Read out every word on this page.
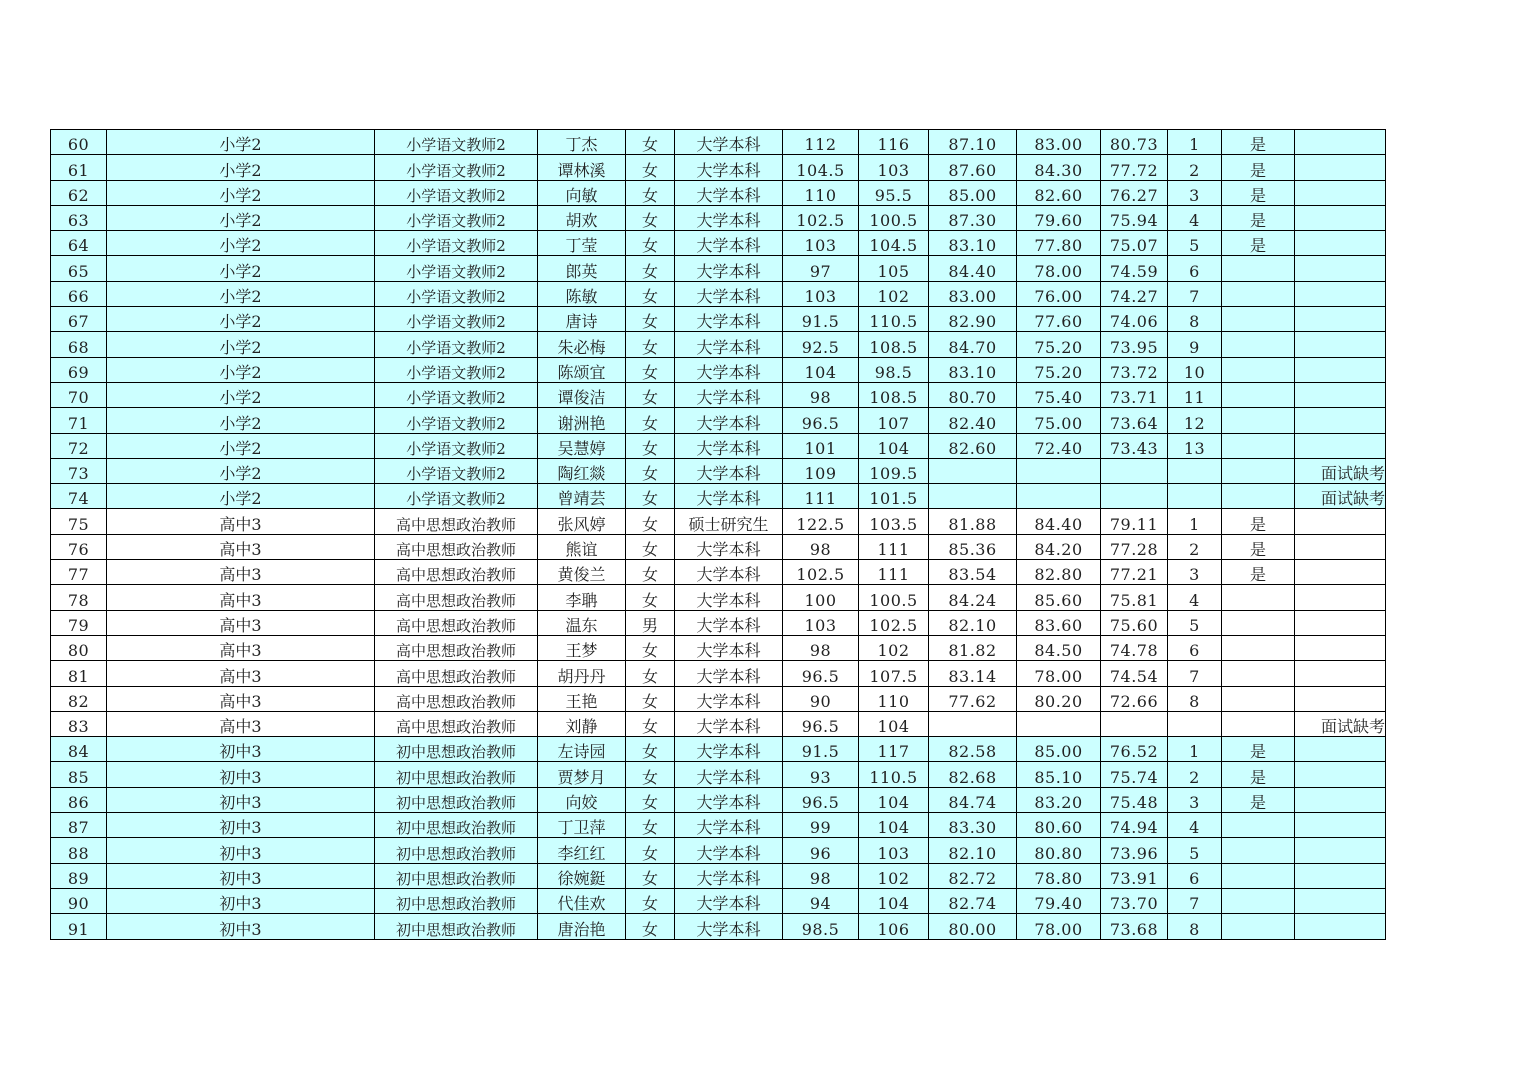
60	小学2	小学语文教师2	丁杰	女	大学本科	112	116	87.10	83.00	80.73	1	是	
61	小学2	小学语文教师2	谭林溪	女	大学本科	104.5	103	87.60	84.30	77.72	2	是	
62	小学2	小学语文教师2	向敏	女	大学本科	110	95.5	85.00	82.60	76.27	3	是	
63	小学2	小学语文教师2	胡欢	女	大学本科	102.5	100.5	87.30	79.60	75.94	4	是	
64	小学2	小学语文教师2	丁莹	女	大学本科	103	104.5	83.10	77.80	75.07	5	是	
65	小学2	小学语文教师2	郎英	女	大学本科	97	105	84.40	78.00	74.59	6		
66	小学2	小学语文教师2	陈敏	女	大学本科	103	102	83.00	76.00	74.27	7		
67	小学2	小学语文教师2	唐诗	女	大学本科	91.5	110.5	82.90	77.60	74.06	8		
68	小学2	小学语文教师2	朱必梅	女	大学本科	92.5	108.5	84.70	75.20	73.95	9		
69	小学2	小学语文教师2	陈颂宜	女	大学本科	104	98.5	83.10	75.20	73.72	10		
70	小学2	小学语文教师2	谭俊洁	女	大学本科	98	108.5	80.70	75.40	73.71	11		
71	小学2	小学语文教师2	谢洲艳	女	大学本科	96.5	107	82.40	75.00	73.64	12		
72	小学2	小学语文教师2	吴慧婷	女	大学本科	101	104	82.60	72.40	73.43	13		
73	小学2	小学语文教师2	陶红燚	女	大学本科	109	109.5						面试缺考
74	小学2	小学语文教师2	曾靖芸	女	大学本科	111	101.5						面试缺考
75	高中3	高中思想政治教师	张风婷	女	硕士研究生	122.5	103.5	81.88	84.40	79.11	1	是	
76	高中3	高中思想政治教师	熊谊	女	大学本科	98	111	85.36	84.20	77.28	2	是	
77	高中3	高中思想政治教师	黄俊兰	女	大学本科	102.5	111	83.54	82.80	77.21	3	是	
78	高中3	高中思想政治教师	李聃	女	大学本科	100	100.5	84.24	85.60	75.81	4		
79	高中3	高中思想政治教师	温东	男	大学本科	103	102.5	82.10	83.60	75.60	5		
80	高中3	高中思想政治教师	王梦	女	大学本科	98	102	81.82	84.50	74.78	6		
81	高中3	高中思想政治教师	胡丹丹	女	大学本科	96.5	107.5	83.14	78.00	74.54	7		
82	高中3	高中思想政治教师	王艳	女	大学本科	90	110	77.62	80.20	72.66	8		
83	高中3	高中思想政治教师	刘静	女	大学本科	96.5	104						面试缺考
84	初中3	初中思想政治教师	左诗园	女	大学本科	91.5	117	82.58	85.00	76.52	1	是	
85	初中3	初中思想政治教师	贾梦月	女	大学本科	93	110.5	82.68	85.10	75.74	2	是	
86	初中3	初中思想政治教师	向姣	女	大学本科	96.5	104	84.74	83.20	75.48	3	是	
87	初中3	初中思想政治教师	丁卫萍	女	大学本科	99	104	83.30	80.60	74.94	4		
88	初中3	初中思想政治教师	李红红	女	大学本科	96	103	82.10	80.80	73.96	5		
89	初中3	初中思想政治教师	徐婉鋌	女	大学本科	98	102	82.72	78.80	73.91	6		
90	初中3	初中思想政治教师	代佳欢	女	大学本科	94	104	82.74	79.40	73.70	7		
91	初中3	初中思想政治教师	唐治艳	女	大学本科	98.5	106	80.00	78.00	73.68	8		
